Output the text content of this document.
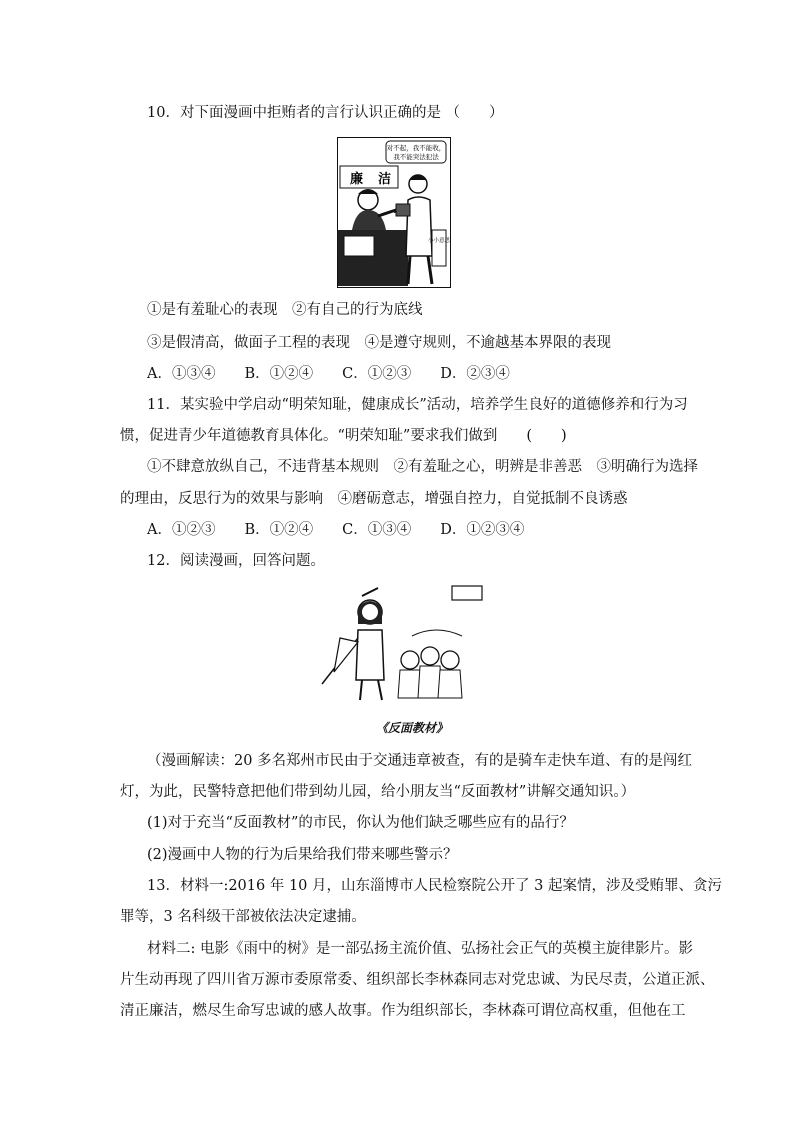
10．对下面漫画中拒贿者的言行认识正确的是 （　　）
对不起，我不能收，
我不能突法犯法
廉 洁
小小意思
①是有羞耻心的表现　②有自己的行为底线
③是假清高，做面子工程的表现　④是遵守规则，不逾越基本界限的表现
A．①③④　　B．①②④　　C．①②③　　D．②③④
11．某实验中学启动“明荣知耻，健康成长”活动，培养学生良好的道德修养和行为习
惯，促进青少年道德教育具体化。“明荣知耻”要求我们做到　　(　　)
①不肆意放纵自己，不违背基本规则　②有羞耻之心，明辨是非善恶　③明确行为选择
的理由，反思行为的效果与影响　④磨砺意志，增强自控力，自觉抵制不良诱惑
A．①②③　　B．①②④　　C．①③④　　D．①②③④
12．阅读漫画，回答问题。
《反面教材》
（漫画解读：20 多名郑州市民由于交通违章被查，有的是骑车走快车道、有的是闯红
灯，为此，民警特意把他们带到幼儿园，给小朋友当“反面教材”讲解交通知识。）
(1)对于充当“反面教材”的市民，你认为他们缺乏哪些应有的品行？
(2)漫画中人物的行为后果给我们带来哪些警示？
13．材料一:2016 年 10 月，山东淄博市人民检察院公开了 3 起案情，涉及受贿罪、贪污
罪等，3 名科级干部被依法决定逮捕。
材料二: 电影《雨中的树》是一部弘扬主流价值、弘扬社会正气的英模主旋律影片。影
片生动再现了四川省万源市委原常委、组织部长李林森同志对党忠诚、为民尽责，公道正派、
清正廉洁，燃尽生命写忠诚的感人故事。作为组织部长，李林森可谓位高权重，但他在工
